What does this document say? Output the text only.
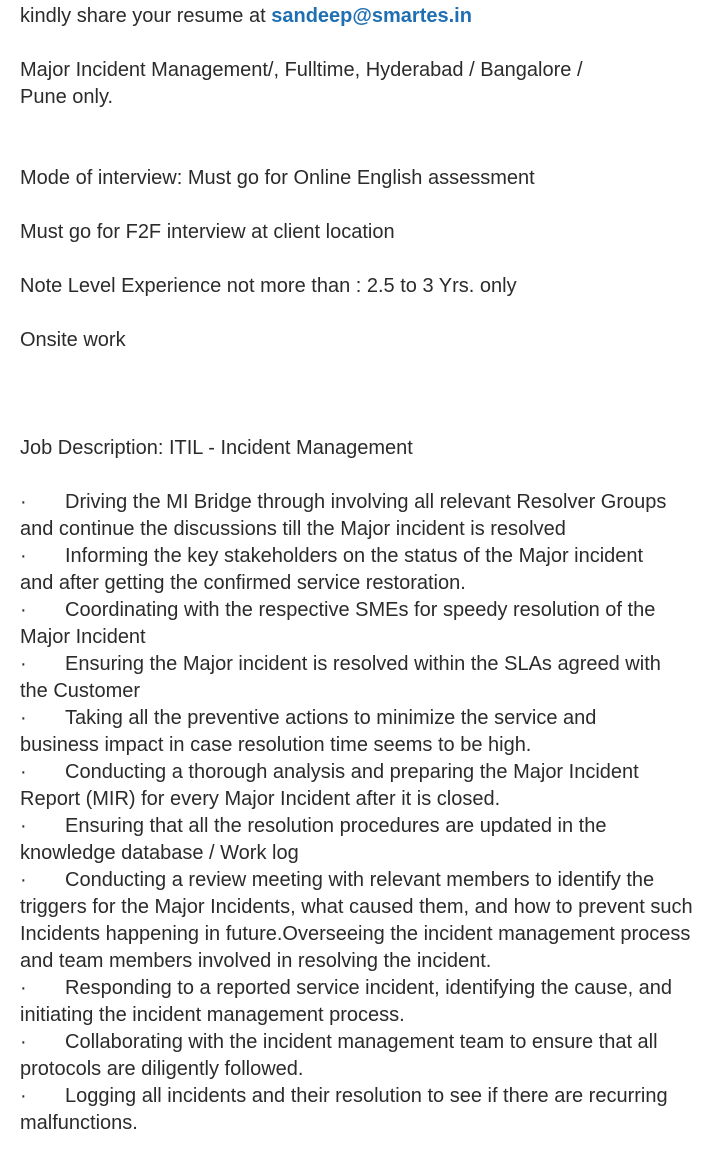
kindly share your resume at sandeep@smartes.in

Major Incident Management/, Fulltime, Hyderabad / Bangalore /

Pune only.

Mode of interview: Must go for Online English assessment

Must go for F2F interview at client location

Note Level Experience not more than : 2.5 to 3 Yrs. only

Onsite work

Job Description: ITIL - Incident Management

· Driving the MI Bridge through involving all relevant Resolver Groups
and continue the discussions till the Major incident is resolved
· Informing the key stakeholders on the status of the Major incident
and after getting the confirmed service restoration.
· Coordinating with the respective SMEs for speedy resolution of the
Major Incident
· Ensuring the Major incident is resolved within the SLAs agreed with
the Customer
· Taking all the preventive actions to minimize the service and
business impact in case resolution time seems to be high.
· Conducting a thorough analysis and preparing the Major Incident
Report (MIR) for every Major Incident after it is closed.
· Ensuring that all the resolution procedures are updated in the
knowledge database / Work log
· Conducting a review meeting with relevant members to identify the
triggers for the Major Incidents, what caused them, and how to prevent such Incidents happening in future.Overseeing the incident management process and team members involved in resolving the incident.
· Responding to a reported service incident, identifying the cause, and
initiating the incident management process.
· Collaborating with the incident management team to ensure that all
protocols are diligently followed.
· Logging all incidents and their resolution to see if there are recurring
malfunctions.
